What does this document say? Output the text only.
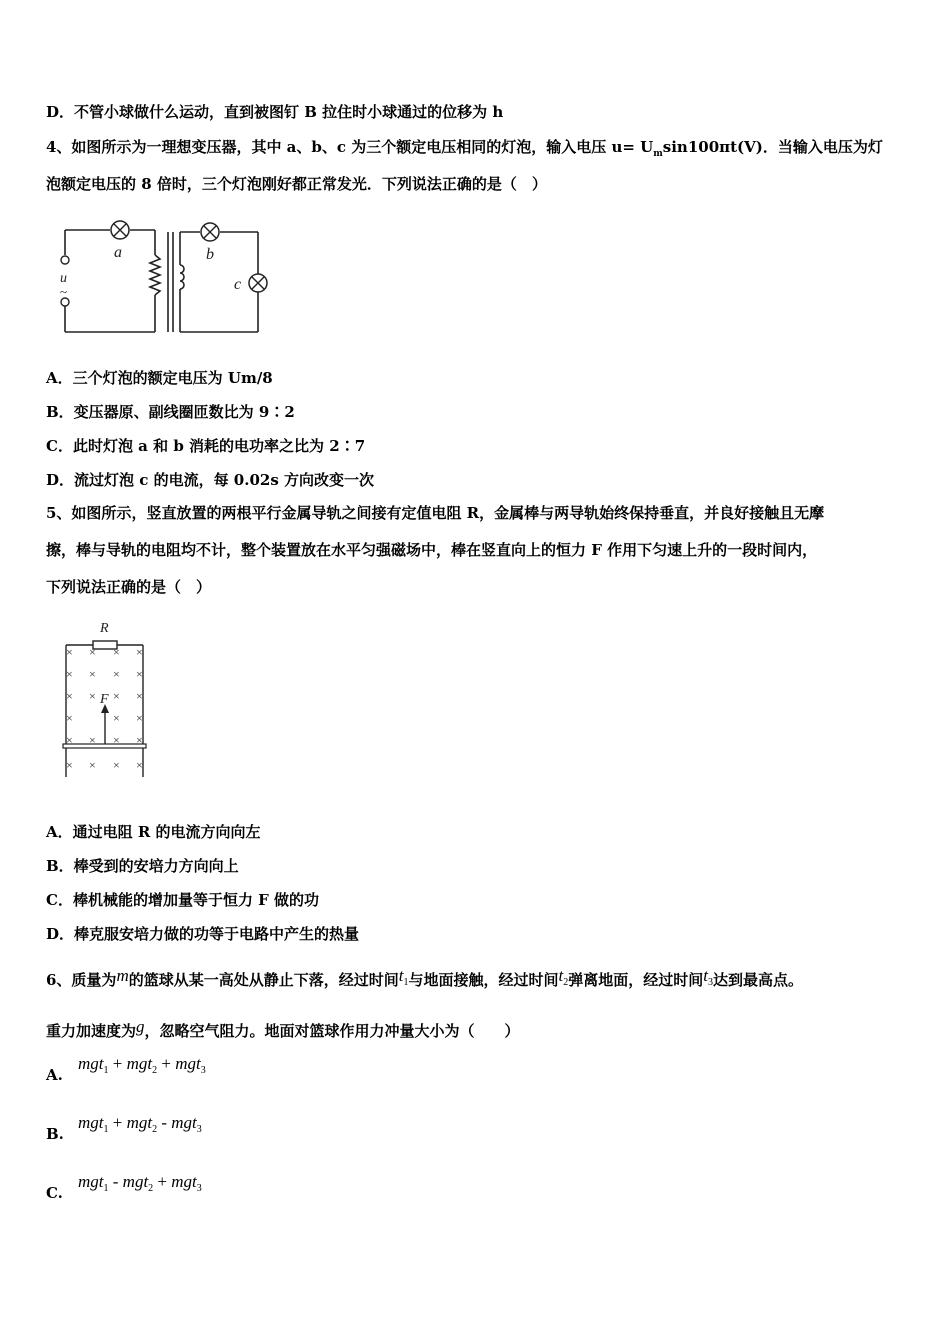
D．不管小球做什么运动，直到被图钉 B 拉住时小球通过的位移为 h
4、如图所示为一理想变压器，其中 a、b、c 为三个额定电压相同的灯泡，输入电压 $u= U_m\sin 100\pi t(V)$．当输入电压为灯
泡额定电压的 8 倍时，三个灯泡刚好都正常发光．下列说法正确的是（　）
a	b
c
u
~
A．三个灯泡的额定电压为 Um/8
B．变压器原、副线圈匝数比为 9∶2
C．此时灯泡 a 和 b 消耗的电功率之比为 2∶7
D．流过灯泡 c 的电流，每 0.02s 方向改变一次
5、如图所示，竖直放置的两根平行金属导轨之间接有定值电阻 R，金属棒与两导轨始终保持垂直，并良好接触且无摩
擦，棒与导轨的电阻均不计，整个装置放在水平匀强磁场中，棒在竖直向上的恒力 F 作用下匀速上升的一段时间内，
下列说法正确的是（　）
R
F
× × × ×
× × × ×
× × × ×
×	× ×
× × × ×
× × × ×
A．通过电阻 R 的电流方向向左
B．棒受到的安培力方向向上
C．棒机械能的增加量等于恒力 F 做的功
D．棒克服安培力做的功等于电路中产生的热量
6、质量为m的篮球从某一高处从静止下落，经过时间$t_1$与地面接触，经过时间$t_2$弹离地面，经过时间$t_3$达到最高点。
重力加速度为g，忽略空气阻力。地面对篮球作用力冲量大小为（　　）
A.
mgt$_1$ + mgt$_2$ + mgt$_3$
B.
mgt$_1$ + mgt$_2$ - mgt$_3$
C.
mgt$_1$ - mgt$_2$ + mgt$_3$
